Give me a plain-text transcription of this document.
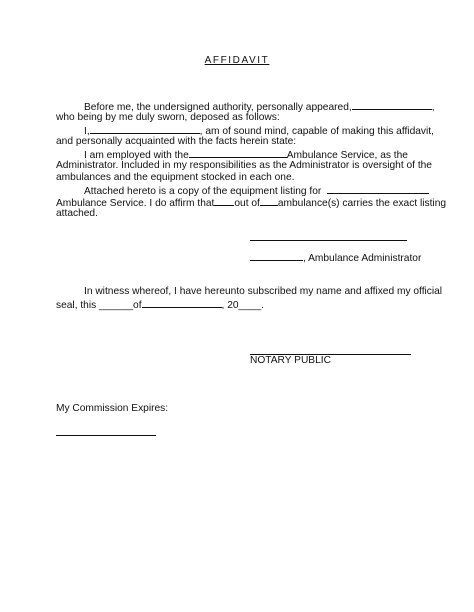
AFFIDAVIT
Before me, the undersigned authority, personally appeared,	,
who being by me duly sworn, deposed as follows:
I,	, am of sound mind, capable of making this affidavit,
and personally acquainted with the facts herein state:
I am employed with the	Ambulance Service, as the
Administrator. Included in my responsibilities as the Administrator is oversight of the
ambulances and the equipment stocked in each one.
Attached hereto is a copy of the equipment listing for
Ambulance Service. I do affirm that out of ambulance(s) carries the exact listing
attached.
, Ambulance Administrator
In witness whereof, I have hereunto subscribed my name and affixed my official
seal, this ______of	, 20____.
NOTARY PUBLIC
My Commission Expires:
